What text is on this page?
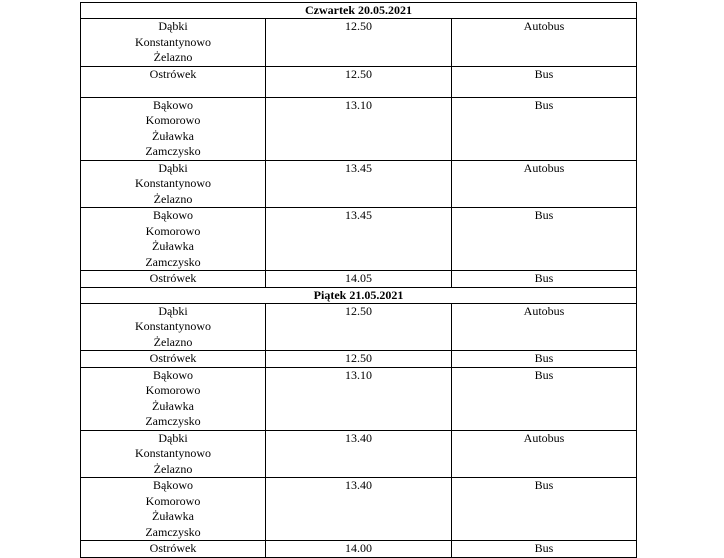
Czwartek 20.05.2021		

Dąbki
Konstantynowo
Żelazno	12.50	Autobus

Ostrówek	12.50	Bus

Bąkowo
Komorowo
Żuławka
Zamczysko	13.10	Bus

Dąbki
Konstantynowo
Żelazno	13.45	Autobus

Bąkowo
Komorowo
Żuławka
Zamczysko	13.45	Bus

Ostrówek	14.05	Bus

Piątek 21.05.2021		

Dąbki
Konstantynowo
Żelazno	12.50	Autobus

Ostrówek	12.50	Bus

Bąkowo
Komorowo
Żuławka
Zamczysko	13.10	Bus

Dąbki
Konstantynowo
Żelazno	13.40	Autobus

Bąkowo
Komorowo
Żuławka
Zamczysko	13.40	Bus

Ostrówek	14.00	Bus
